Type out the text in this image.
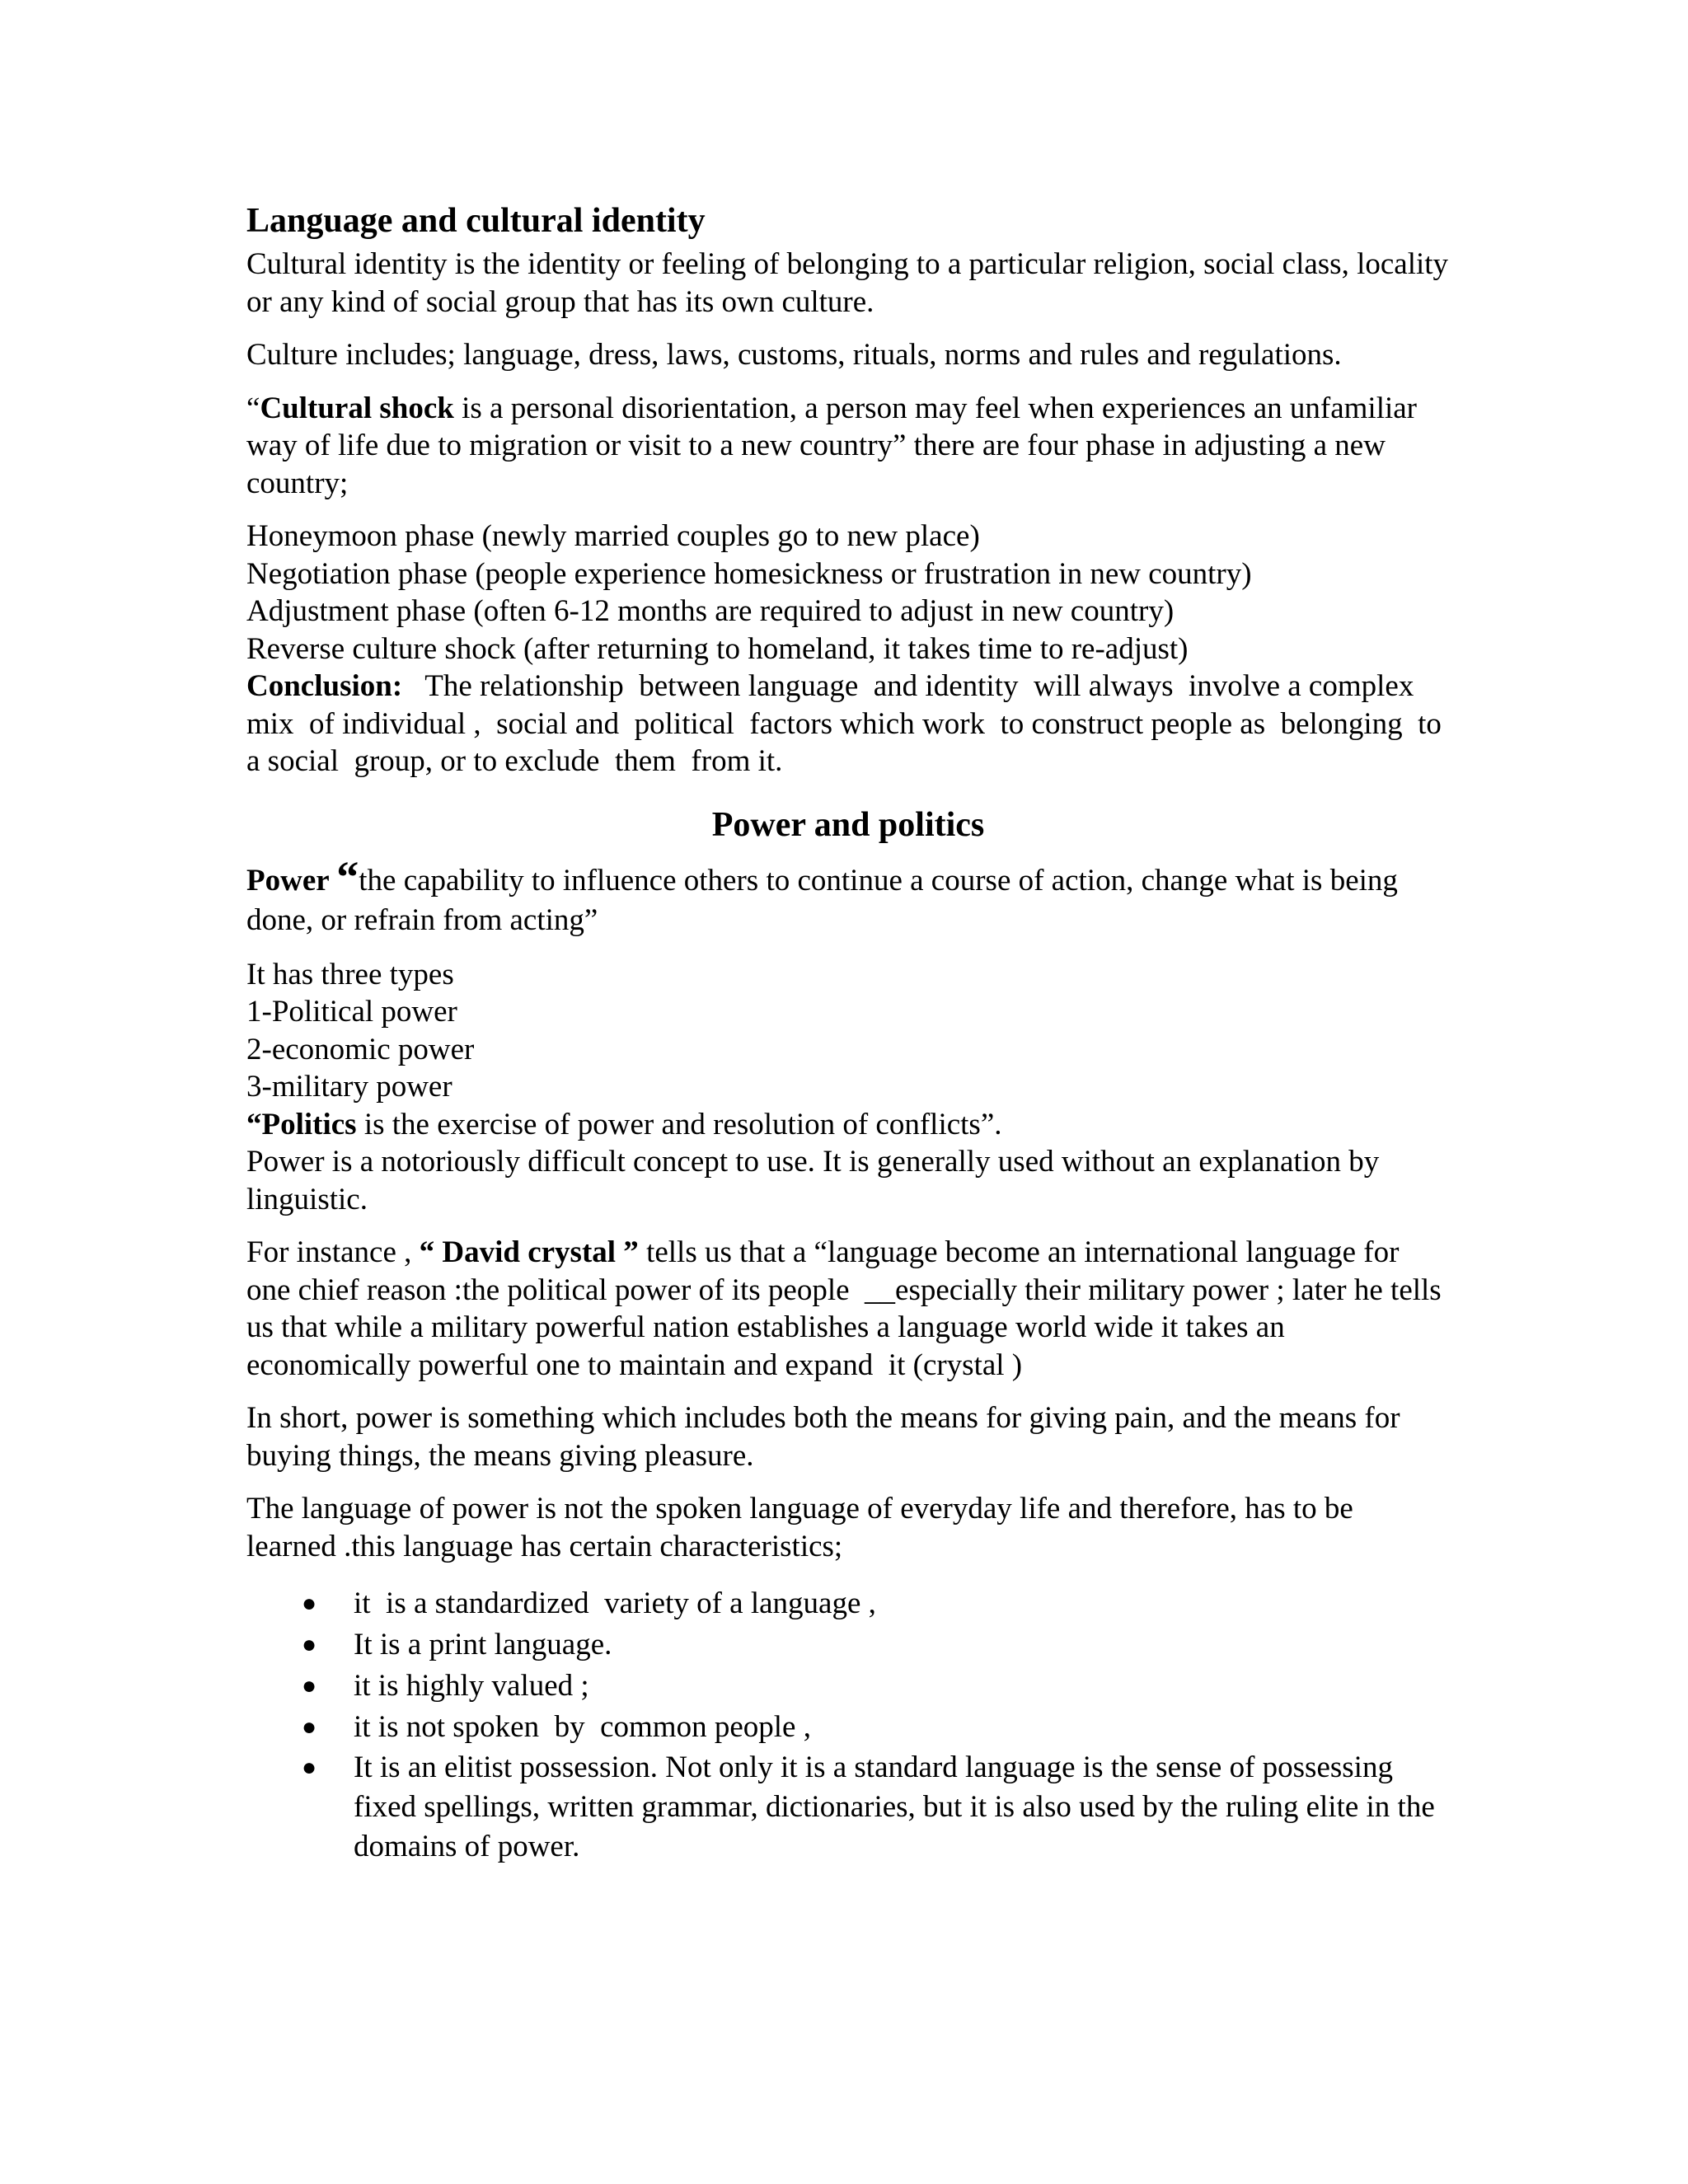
Language and cultural identity
Cultural identity is the identity or feeling of belonging to a particular religion, social class, locality or any kind of social group that has its own culture.
Culture includes; language, dress, laws, customs, rituals, norms and rules and regulations.
“Cultural shock is a personal disorientation, a person may feel when experiences an unfamiliar way of life due to migration or visit to a new country” there are four phase in adjusting a new country;
Honeymoon phase (newly married couples go to new place)
Negotiation phase (people experience homesickness or frustration in new country)
Adjustment phase (often 6-12 months are required to adjust in new country)
Reverse culture shock (after returning to homeland, it takes time to re-adjust)
Conclusion:   The relationship  between language  and identity  will always  involve a complex  mix  of individual ,  social and  political  factors which work  to construct people as  belonging  to a social  group, or to exclude  them  from it.
Power and politics
Power “the capability to influence others to continue a course of action, change what is being done, or refrain from acting”
It has three types
1-Political power
2-economic power
3-military power
“Politics is the exercise of power and resolution of conflicts”.
Power is a notoriously difficult concept to use. It is generally used without an explanation by linguistic.
For instance , “ David crystal ” tells us that a “language become an international language for one chief reason :the political power of its people  __especially their military power ; later he tells us that while a military powerful nation establishes a language world wide it takes an economically powerful one to maintain and expand  it (crystal )
In short, power is something which includes both the means for giving pain, and the means for buying things, the means giving pleasure.
The language of power is not the spoken language of everyday life and therefore, has to be learned .this language has certain characteristics;
● it  is a standardized  variety of a language ,
● It is a print language.
● it is highly valued ;
● it is not spoken  by  common people ,
● It is an elitist possession. Not only it is a standard language is the sense of possessing fixed spellings, written grammar, dictionaries, but it is also used by the ruling elite in the domains of power.
